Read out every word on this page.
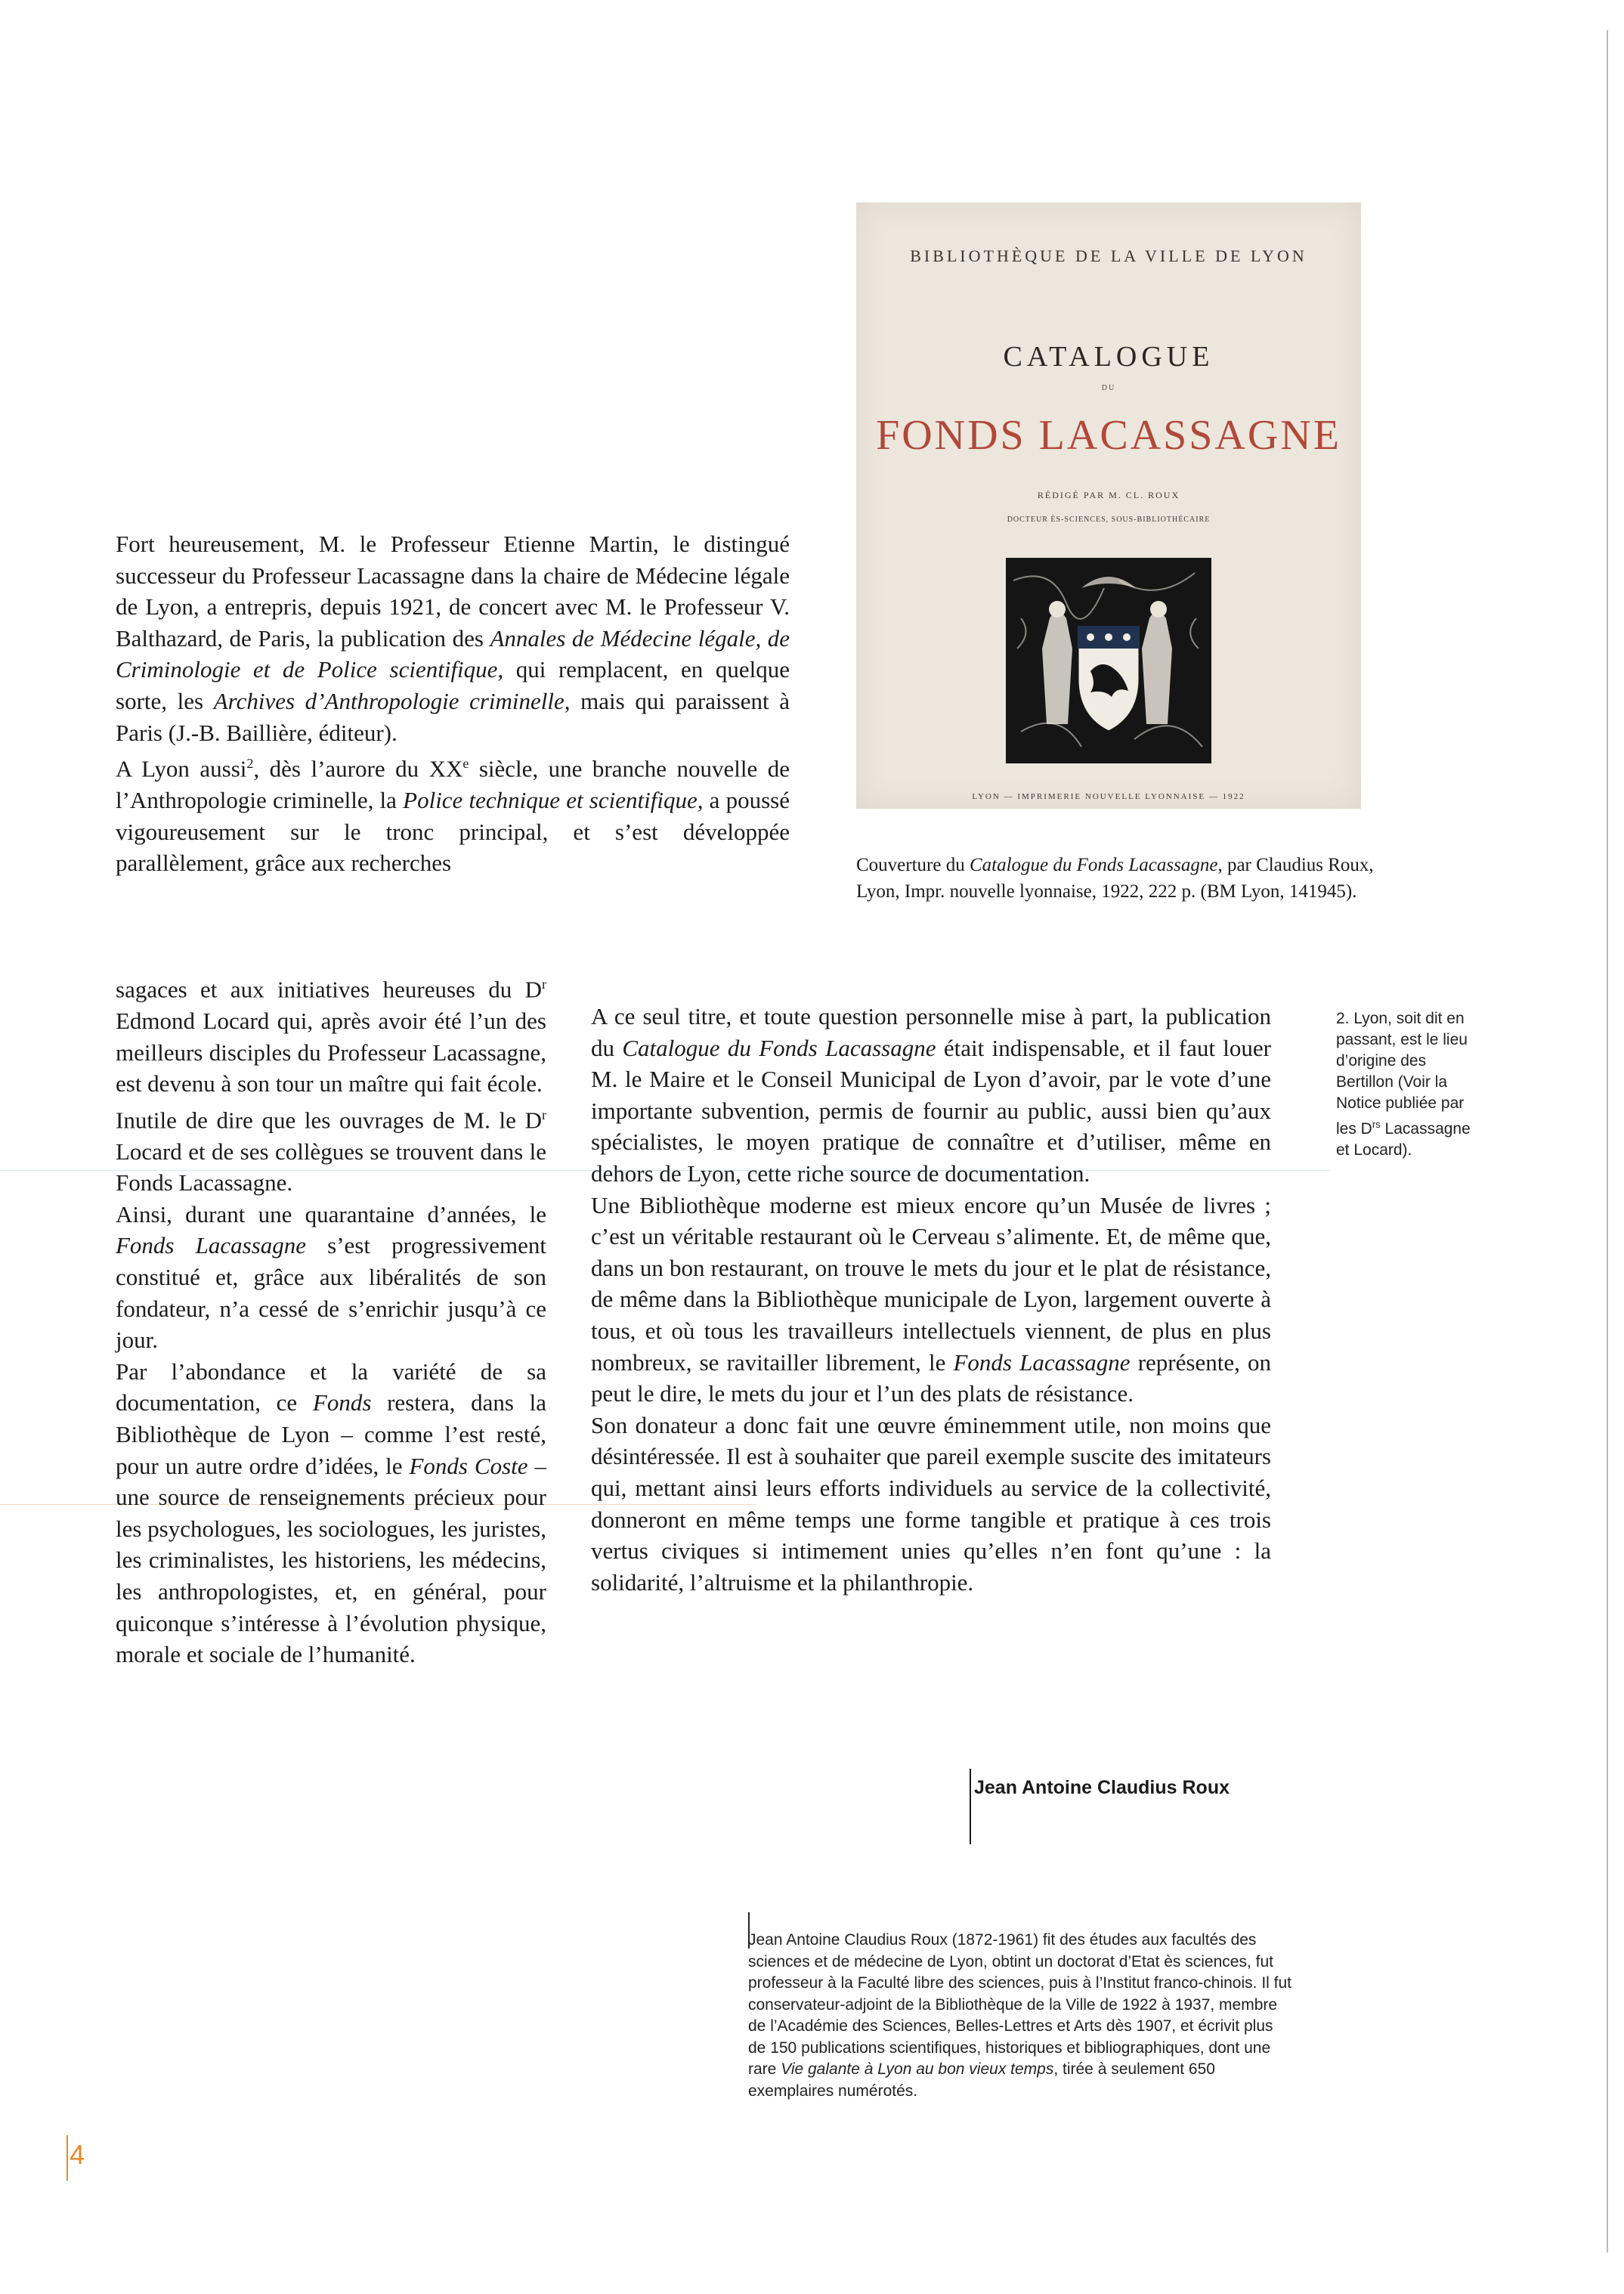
BIBLIOTHÈQUE DE LA VILLE DE LYON
CATALOGUE
DU
FONDS LACASSAGNE
RÉDIGÉ PAR M. CL. ROUX
DOCTEUR ÈS-SCIENCES, SOUS-BIBLIOTHÉCAIRE
LYON — IMPRIMERIE NOUVELLE LYONNAISE — 1922
Couverture du Catalogue du Fonds Lacassagne, par Claudius Roux, Lyon, Impr. nouvelle lyonnaise, 1922, 222 p. (BM Lyon, 141945).

Fort heureusement, M. le Professeur Etienne Martin, le distingué successeur du Professeur Lacassagne dans la chaire de Médecine légale de Lyon, a entrepris, depuis 1921, de concert avec M. le Professeur V. Balthazard, de Paris, la publication des Annales de Médecine légale, de Criminologie et de Police scientifique, qui remplacent, en quelque sorte, les Archives d’Anthropologie criminelle, mais qui paraissent à Paris (J.-B. Baillière, éditeur).

A Lyon aussi$^2$, dès l’aurore du XXe siècle, une branche nouvelle de l’Anthropologie criminelle, la Police technique et scientifique, a poussé vigoureusement sur le tronc principal, et s’est développée parallèlement, grâce aux recherches

sagaces et aux initiatives heureuses du $D^r$ Edmond Locard qui, après avoir été l’un des meilleurs disciples du Professeur Lacassagne, est devenu à son tour un maître qui fait école.

Inutile de dire que les ouvrages de M. le $D^r$ Locard et de ses collègues se trouvent dans le Fonds Lacassagne.

Ainsi, durant une quarantaine d’années, le Fonds Lacassagne s’est progressivement constitué et, grâce aux libéralités de son fondateur, n’a cessé de s’enrichir jusqu’à ce jour.

Par l’abondance et la variété de sa documentation, ce Fonds restera, dans la Bibliothèque de Lyon – comme l’est resté, pour un autre ordre d’idées, le Fonds Coste – une source de renseignements précieux pour les psychologues, les sociologues, les juristes, les criminalistes, les historiens, les médecins, les anthropologistes, et, en général, pour quiconque s’intéresse à l’évolution physique, morale et sociale de l’humanité.

A ce seul titre, et toute question personnelle mise à part, la publication du Catalogue du Fonds Lacassagne était indispensable, et il faut louer M. le Maire et le Conseil Municipal de Lyon d’avoir, par le vote d’une importante subvention, permis de fournir au public, aussi bien qu’aux spécialistes, le moyen pratique de connaître et d’utiliser, même en dehors de Lyon, cette riche source de documentation.

Une Bibliothèque moderne est mieux encore qu’un Musée de livres ; c’est un véritable restaurant où le Cerveau s’alimente. Et, de même que, dans un bon restaurant, on trouve le mets du jour et le plat de résistance, de même dans la Bibliothèque municipale de Lyon, largement ouverte à tous, et où tous les travailleurs intellectuels viennent, de plus en plus nombreux, se ravitailler librement, le Fonds Lacassagne représente, on peut le dire, le mets du jour et l’un des plats de résistance.

Son donateur a donc fait une œuvre éminemment utile, non moins que désintéressée. Il est à souhaiter que pareil exemple suscite des imitateurs qui, mettant ainsi leurs efforts individuels au service de la collectivité, donneront en même temps une forme tangible et pratique à ces trois vertus civiques si intimement unies qu’elles n’en font qu’une : la solidarité, l’altruisme et la philanthropie.

Jean Antoine Claudius Roux
2. Lyon, soit dit en passant, est le lieu d’origine des Bertillon (Voir la Notice publiée par les $D^{rs}$ Lacassagne et Locard).
Jean Antoine Claudius Roux (1872-1961) fit des études aux facultés des sciences et de médecine de Lyon, obtint un doctorat d’Etat ès sciences, fut professeur à la Faculté libre des sciences, puis à l’Institut franco-chinois. Il fut conservateur-adjoint de la Bibliothèque de la Ville de 1922 à 1937, membre de l’Académie des Sciences, Belles-Lettres et Arts dès 1907, et écrivit plus de 150 publications scientifiques, historiques et bibliographiques, dont une rare Vie galante à Lyon au bon vieux temps, tirée à seulement 650 exemplaires numérotés.
4
